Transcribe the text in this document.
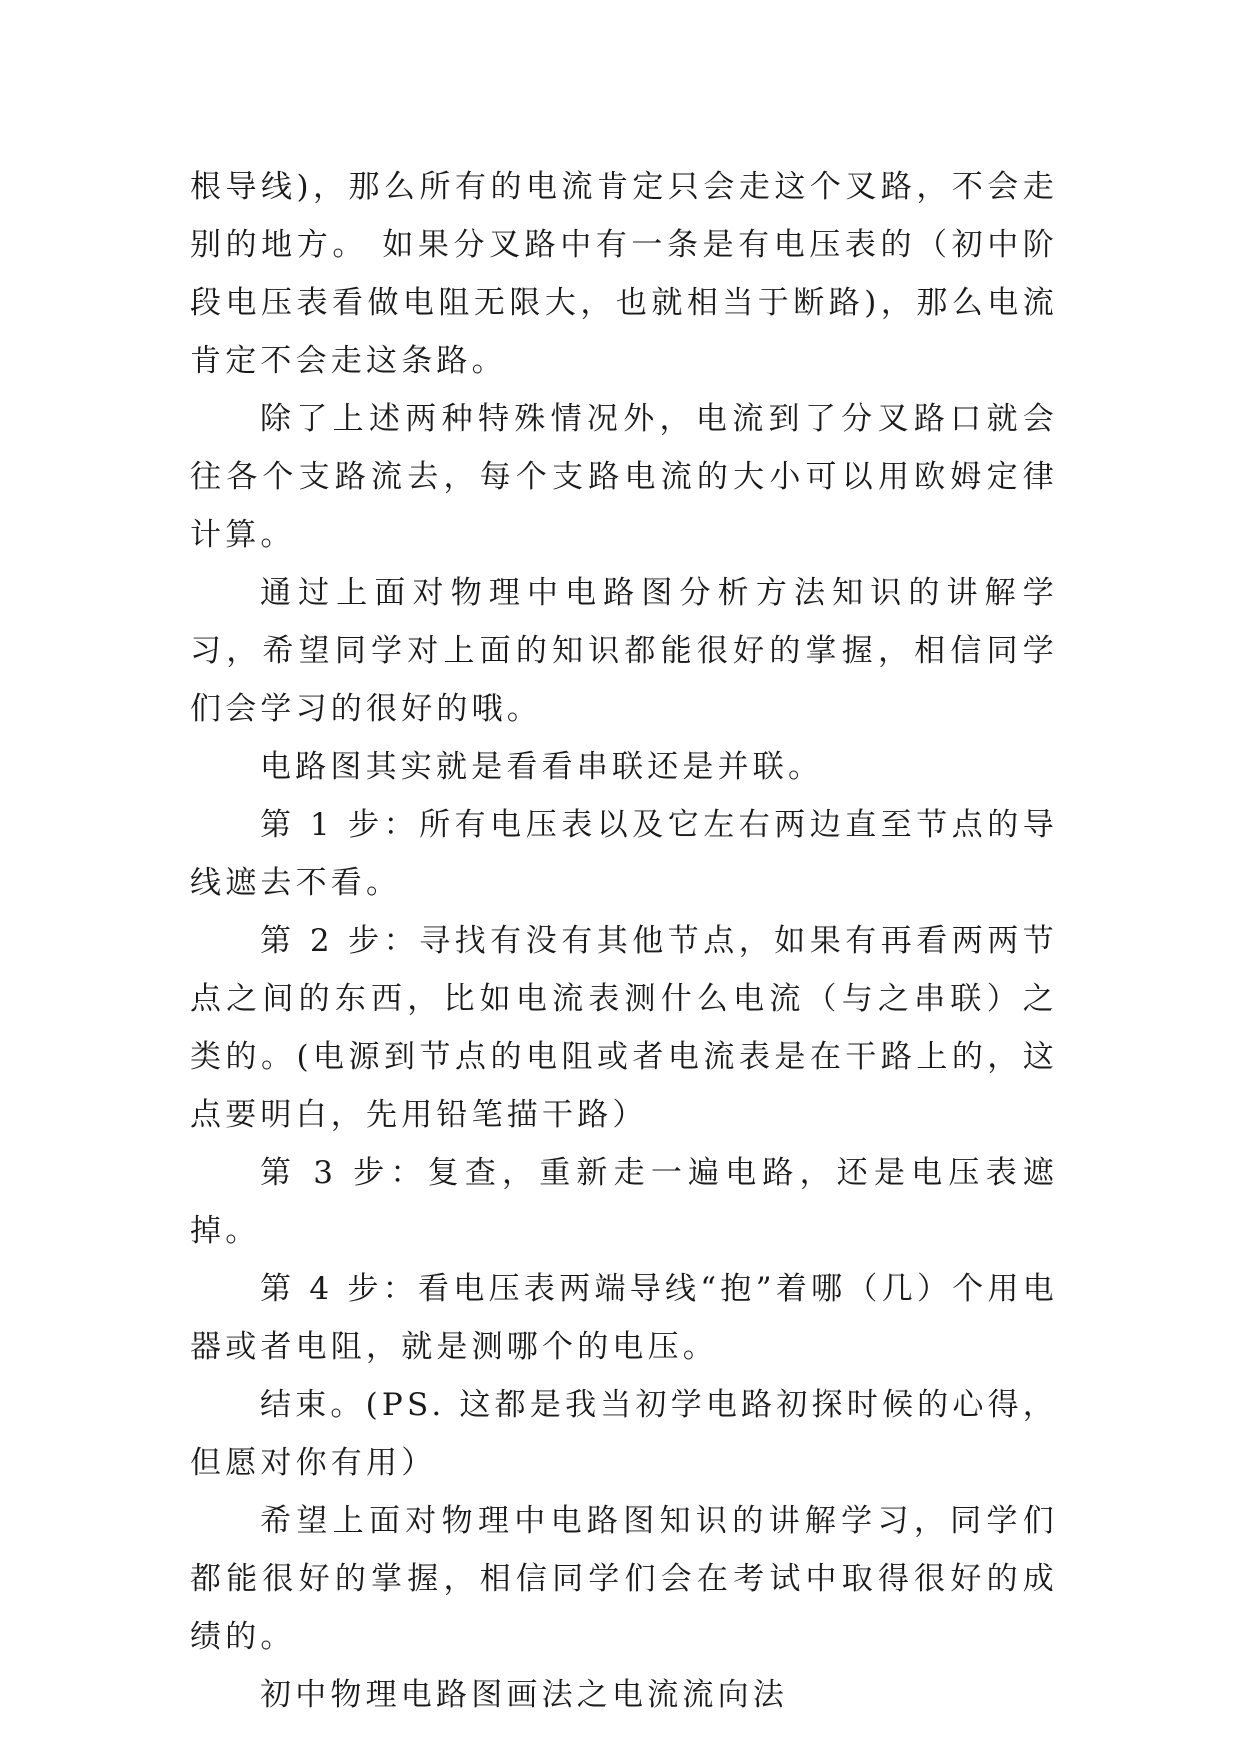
根导线)，那么所有的电流肯定只会走这个叉路，不会走别的地方。 如果分叉路中有一条是有电压表的（初中阶段电压表看做电阻无限大，也就相当于断路)，那么电流肯定不会走这条路。

除了上述两种特殊情况外，电流到了分叉路口就会往各个支路流去，每个支路电流的大小可以用欧姆定律计算。

通过上面对物理中电路图分析方法知识的讲解学习，希望同学对上面的知识都能很好的掌握，相信同学们会学习的很好的哦。

电路图其实就是看看串联还是并联。

第 1 步：所有电压表以及它左右两边直至节点的导线遮去不看。

第 2 步：寻找有没有其他节点，如果有再看两两节点之间的东西，比如电流表测什么电流（与之串联）之类的。(电源到节点的电阻或者电流表是在干路上的，这点要明白，先用铅笔描干路）

第 3 步：复查，重新走一遍电路，还是电压表遮掉。

第 4 步：看电压表两端导线“抱”着哪（几）个用电器或者电阻，就是测哪个的电压。

结束。(PS. 这都是我当初学电路初探时候的心得，但愿对你有用）

希望上面对物理中电路图知识的讲解学习，同学们都能很好的掌握，相信同学们会在考试中取得很好的成绩的。

初中物理电路图画法之电流流向法
